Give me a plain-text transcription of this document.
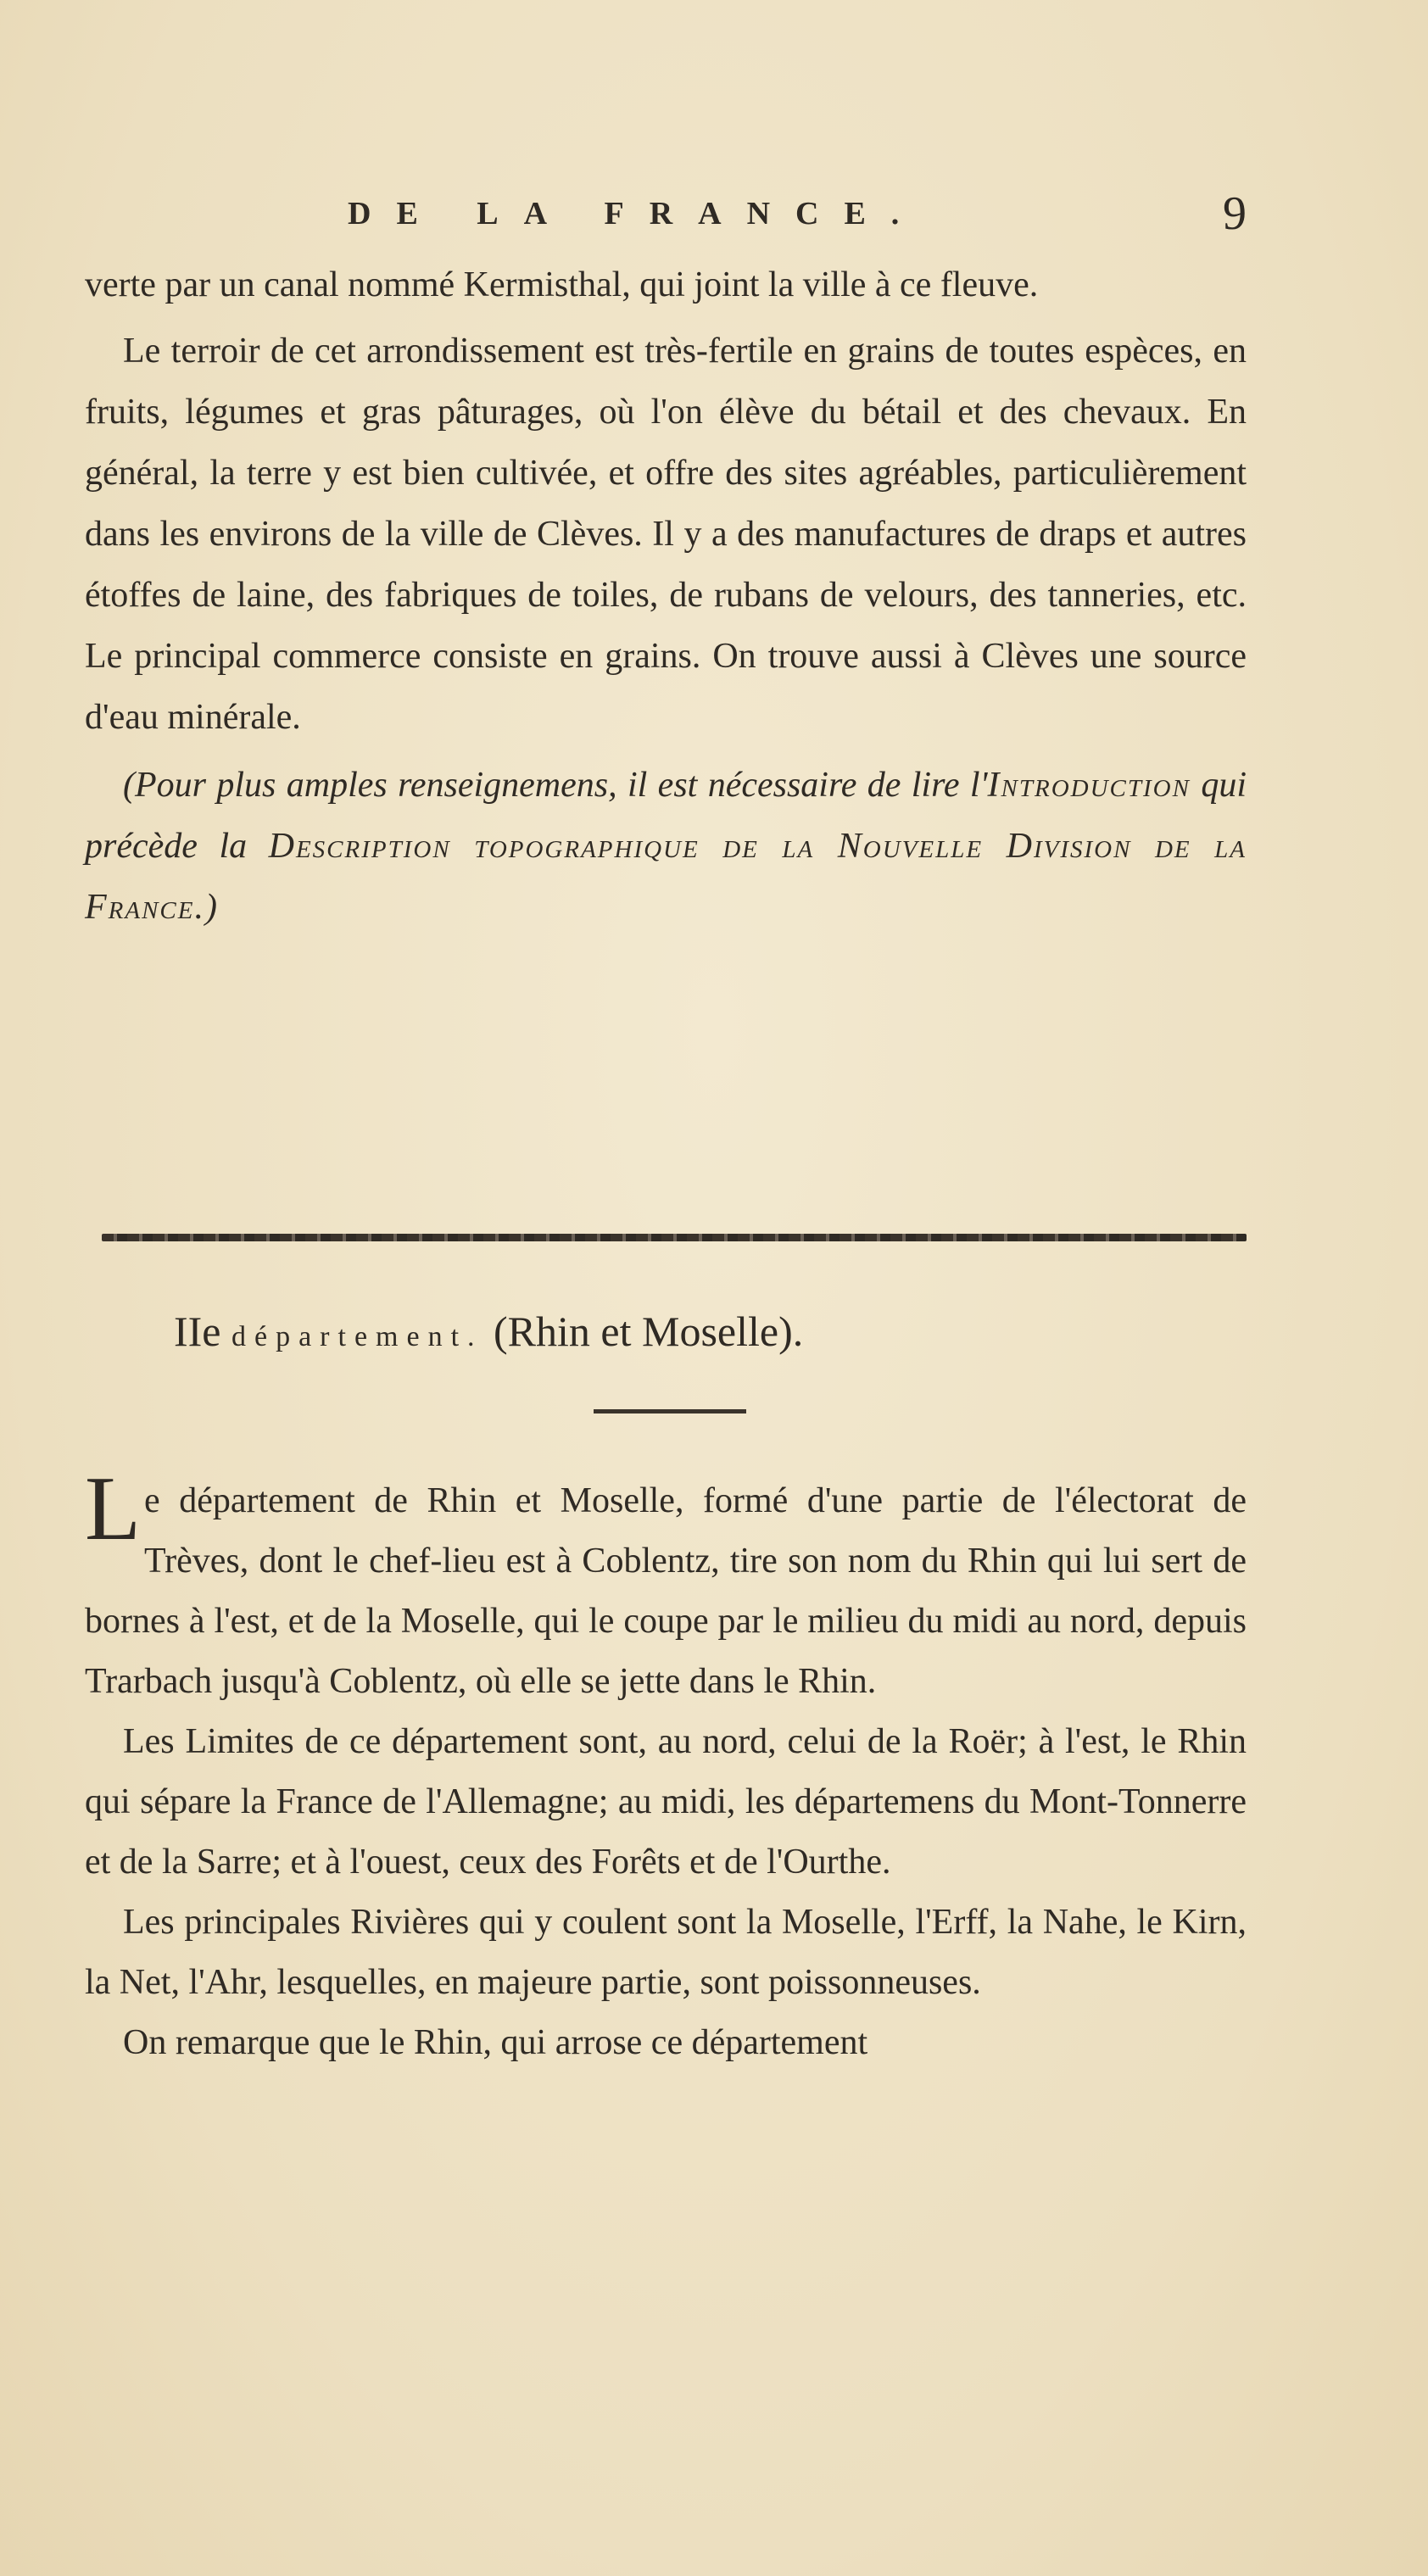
DE LA FRANCE.	9

verte par un canal nommé Kermisthal, qui joint la ville à ce fleuve.

Le terroir de cet arrondissement est très-fertile en grains de toutes espèces, en fruits, légumes et gras pâturages, où l'on élève du bétail et des chevaux. En général, la terre y est bien cultivée, et offre des sites agréables, particulièrement dans les environs de la ville de Clèves. Il y a des manufactures de draps et autres étoffes de laine, des fabriques de toiles, de rubans de velours, des tanneries, etc. Le principal commerce consiste en grains. On trouve aussi à Clèves une source d'eau minérale.

(Pour plus amples renseignemens, il est nécessaire de lire l'Introduction qui précède la Description topographique de la Nouvelle Division de la France.)

IIe département. (Rhin et Moselle).

Le département de Rhin et Moselle, formé d'une partie de l'électorat de Trèves, dont le chef-lieu est à Coblentz, tire son nom du Rhin qui lui sert de bornes à l'est, et de la Moselle, qui le coupe par le milieu du midi au nord, depuis Trarbach jusqu'à Coblentz, où elle se jette dans le Rhin.

Les Limites de ce département sont, au nord, celui de la Roër; à l'est, le Rhin qui sépare la France de l'Allemagne; au midi, les départemens du Mont-Tonnerre et de la Sarre; et à l'ouest, ceux des Forêts et de l'Ourthe.

Les principales Rivières qui y coulent sont la Moselle, l'Erff, la Nahe, le Kirn, la Net, l'Ahr, lesquelles, en majeure partie, sont poissonneuses.

On remarque que le Rhin, qui arrose ce département
